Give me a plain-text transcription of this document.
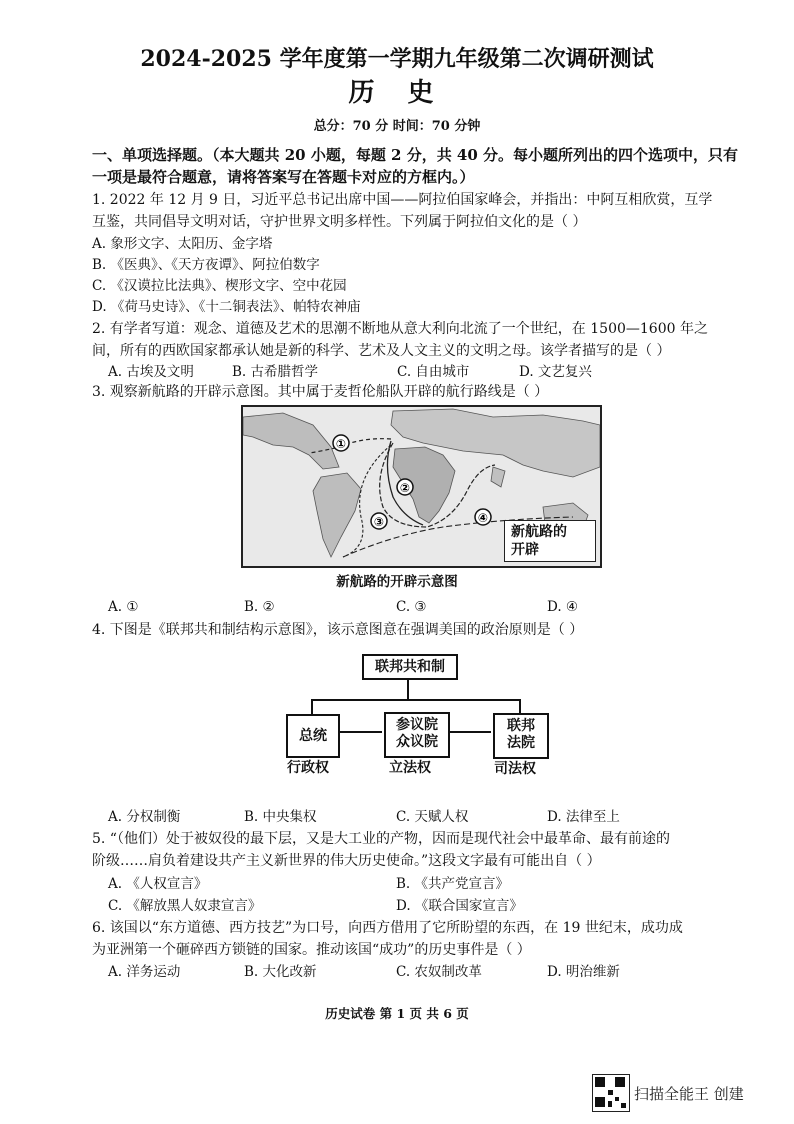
2024-2025 学年度第一学期九年级第二次调研测试
历 史
总分：70 分 时间：70 分钟
一、单项选择题。（本大题共 20 小题，每题 2 分，共 40 分。每小题所列出的四个选项中，只有
一项是最符合题意，请将答案写在答题卡对应的方框内。）
1. 2022 年 12 月 9 日，习近平总书记出席中国——阿拉伯国家峰会，并指出：中阿互相欣赏，互学
互鉴，共同倡导文明对话，守护世界文明多样性。下列属于阿拉伯文化的是（ ）
A. 象形文字、太阳历、金字塔
B. 《医典》、《天方夜谭》、阿拉伯数字
C. 《汉谟拉比法典》、楔形文字、空中花园
D. 《荷马史诗》、《十二铜表法》、帕特农神庙
2. 有学者写道：观念、道德及艺术的思潮不断地从意大利向北流了一个世纪，在 1500—1600 年之
间，所有的西欧国家都承认她是新的科学、艺术及人文主义的文明之母。该学者描写的是（ ）
A. 古埃及文明	B. 古希腊哲学	C. 自由城市	D. 文艺复兴
3. 观察新航路的开辟示意图。其中属于麦哲伦船队开辟的航行路线是（ ）
①
②
③	④
新航路的
开辟
新航路的开辟示意图
A. ①	B. ②	C. ③	D. ④
4. 下图是《联邦共和制结构示意图》，该示意图意在强调美国的政治原则是（ ）
联邦共和制
总统
参议院
众议院
联邦
法院
行政权	立法权	司法权
A. 分权制衡	B. 中央集权	C. 天赋人权	D. 法律至上
5. “（他们）处于被奴役的最下层，又是大工业的产物，因而是现代社会中最革命、最有前途的
阶级……肩负着建设共产主义新世界的伟大历史使命。”这段文字最有可能出自（ ）
A. 《人权宣言》	B. 《共产党宣言》
C. 《解放黑人奴隶宣言》	D. 《联合国家宣言》
6. 该国以“东方道德、西方技艺”为口号，向西方借用了它所盼望的东西，在 19 世纪末，成功成
为亚洲第一个砸碎西方锁链的国家。推动该国“成功”的历史事件是（ ）
A. 洋务运动	B. 大化改新	C. 农奴制改革	D. 明治维新
历史试卷 第 1 页 共 6 页
扫描全能王 创建
